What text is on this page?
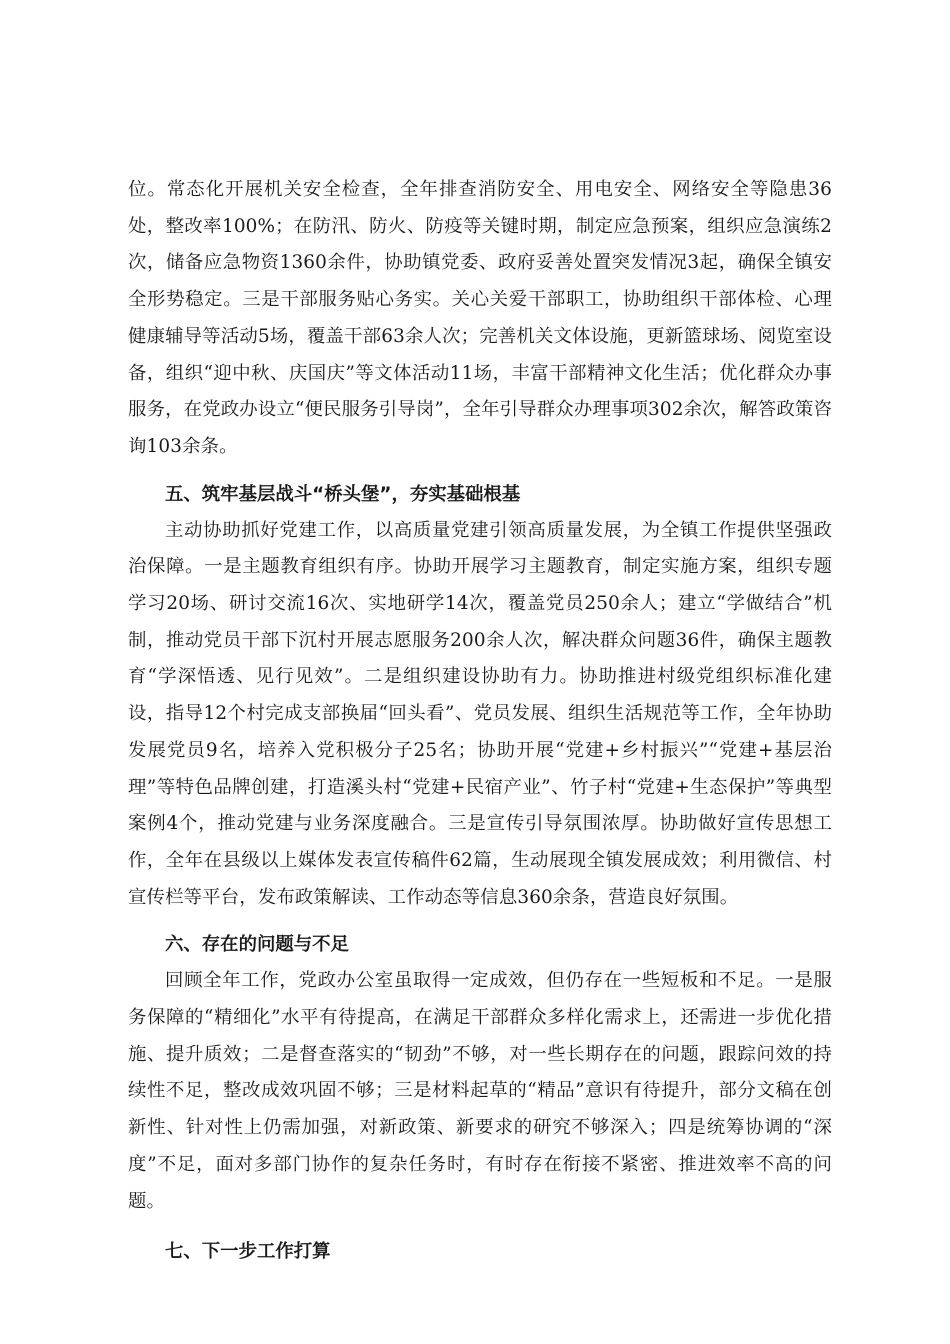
位。常态化开展机关安全检查，全年排查消防安全、用电安全、网络安全等隐患36处，整改率100%；在防汛、防火、防疫等关键时期，制定应急预案，组织应急演练2次，储备应急物资1360余件，协助镇党委、政府妥善处置突发情况3起，确保全镇安全形势稳定。三是干部服务贴心务实。关心关爱干部职工，协助组织干部体检、心理健康辅导等活动5场，覆盖干部63余人次；完善机关文体设施，更新篮球场、阅览室设备，组织“迎中秋、庆国庆”等文体活动11场，丰富干部精神文化生活；优化群众办事服务，在党政办设立“便民服务引导岗”，全年引导群众办理事项302余次，解答政策咨询103余条。

五、筑牢基层战斗“桥头堡”，夯实基础根基

主动协助抓好党建工作，以高质量党建引领高质量发展，为全镇工作提供坚强政治保障。一是主题教育组织有序。协助开展学习主题教育，制定实施方案，组织专题学习20场、研讨交流16次、实地研学14次，覆盖党员250余人；建立“学做结合”机制，推动党员干部下沉村开展志愿服务200余人次，解决群众问题36件，确保主题教育“学深悟透、见行见效”。二是组织建设协助有力。协助推进村级党组织标准化建设，指导12个村完成支部换届“回头看”、党员发展、组织生活规范等工作，全年协助发展党员9名，培养入党积极分子25名；协助开展“党建+乡村振兴”“党建+基层治理”等特色品牌创建，打造溪头村“党建+民宿产业”、竹子村“党建+生态保护”等典型案例4个，推动党建与业务深度融合。三是宣传引导氛围浓厚。协助做好宣传思想工作，全年在县级以上媒体发表宣传稿件62篇，生动展现全镇发展成效；利用微信、村宣传栏等平台，发布政策解读、工作动态等信息360余条，营造良好氛围。

六、存在的问题与不足

回顾全年工作，党政办公室虽取得一定成效，但仍存在一些短板和不足。一是服务保障的“精细化”水平有待提高，在满足干部群众多样化需求上，还需进一步优化措施、提升质效；二是督查落实的“韧劲”不够，对一些长期存在的问题，跟踪问效的持续性不足，整改成效巩固不够；三是材料起草的“精品”意识有待提升，部分文稿在创新性、针对性上仍需加强，对新政策、新要求的研究不够深入；四是统筹协调的“深度”不足，面对多部门协作的复杂任务时，有时存在衔接不紧密、推进效率不高的问题。

七、下一步工作打算
